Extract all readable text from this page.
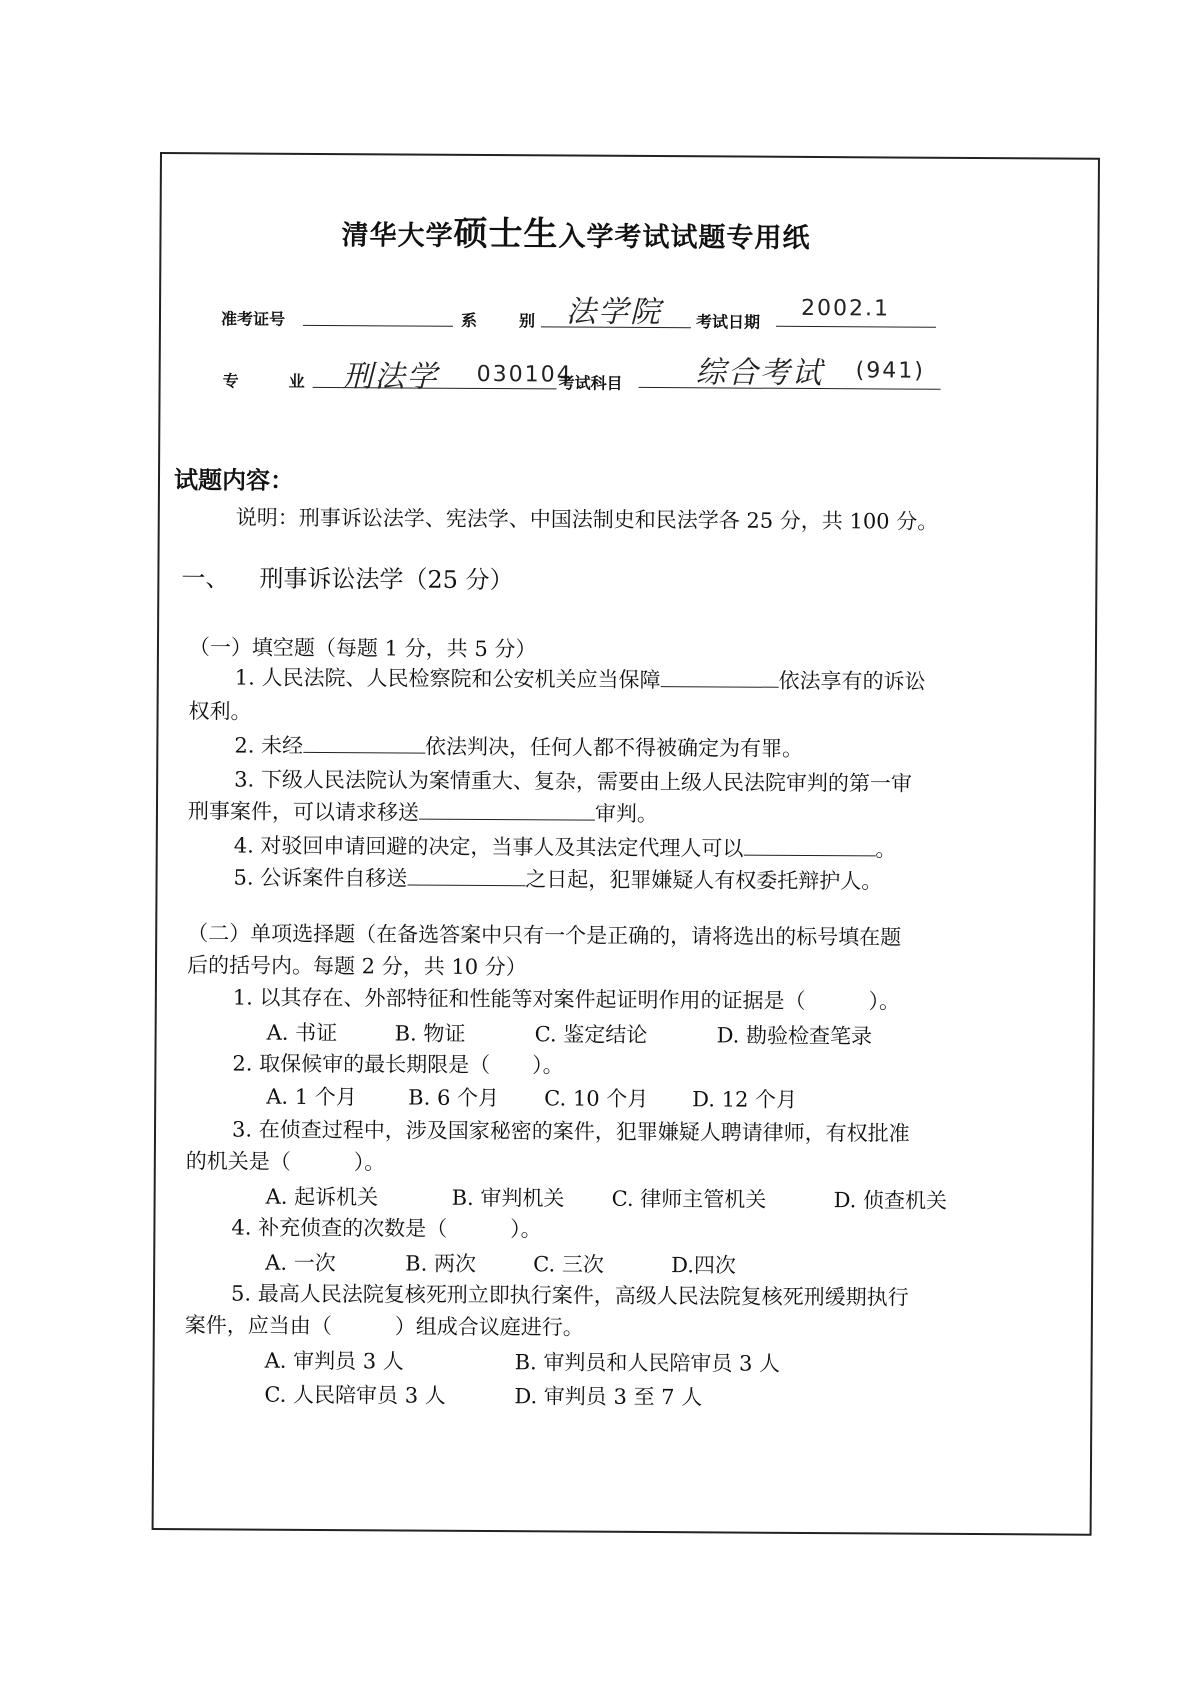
清华大学硕士生入学考试试题专用纸
准考证号	系	别 法学院 考试日期
2002.1
专	业 刑法学 030104
考试科目 综合考试 (941)
试题内容：
说明：刑事诉讼法学、宪法学、中国法制史和民法学各 25 分，共 100 分。
一、 刑事诉讼法学（25 分）
（一）填空题（每题 1 分，共 5 分）
1. 人民法院、人民检察院和公安机关应当保障	依法享有的诉讼
权利。
2. 未经	依法判决，任何人都不得被确定为有罪。
3. 下级人民法院认为案情重大、复杂，需要由上级人民法院审判的第一审
刑事案件，可以请求移送	审判。
4. 对驳回申请回避的决定，当事人及其法定代理人可以	。
5. 公诉案件自移送	之日起，犯罪嫌疑人有权委托辩护人。
（二）单项选择题（在备选答案中只有一个是正确的，请将选出的标号填在题
后的括号内。每题 2 分，共 10 分）
1. 以其存在、外部特征和性能等对案件起证明作用的证据是（　　　）。
A. 书证	B. 物证	C. 鉴定结论	D. 勘验检查笔录
2. 取保候审的最长期限是（　　）。
A. 1 个月 B. 6 个月 C. 10 个月 D. 12 个月
3. 在侦查过程中，涉及国家秘密的案件，犯罪嫌疑人聘请律师，有权批准
的机关是（　　　）。
A. 起诉机关	B. 审判机关 C. 律师主管机关	D. 侦查机关
4. 补充侦查的次数是（　　　）。
A. 一次	B. 两次	C. 三次	D.四次
5. 最高人民法院复核死刑立即执行案件，高级人民法院复核死刑缓期执行
案件，应当由（　　　）组成合议庭进行。
A. 审判员 3 人	B. 审判员和人民陪审员 3 人
C. 人民陪审员 3 人	D. 审判员 3 至 7 人
